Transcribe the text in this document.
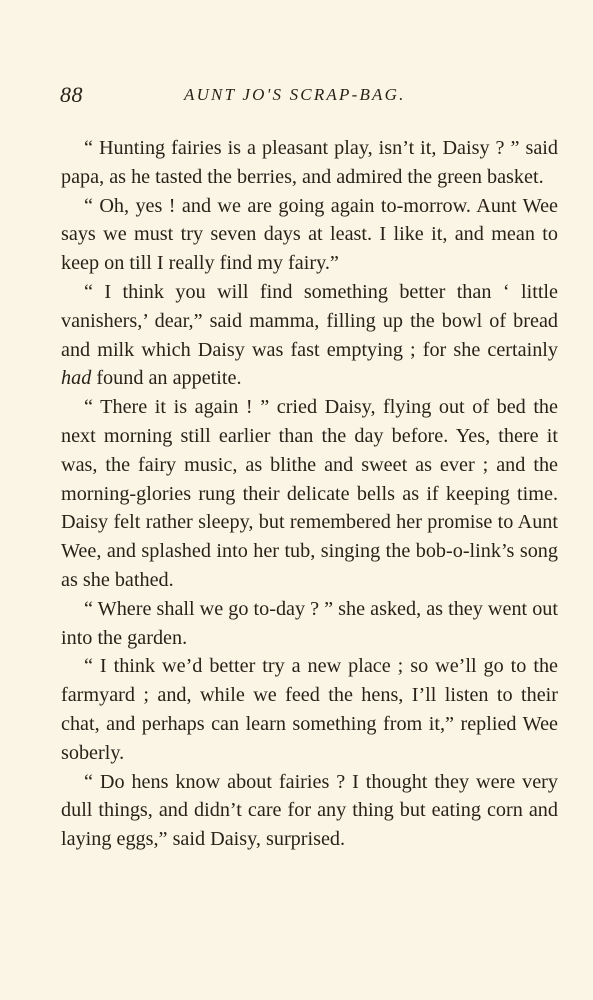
88	AUNT JO'S SCRAP-BAG.

“ Hunting fairies is a pleasant play, isn’t it, Daisy ? ” said papa, as he tasted the berries, and admired the green basket.

“ Oh, yes ! and we are going again to-morrow. Aunt Wee says we must try seven days at least. I like it, and mean to keep on till I really find my fairy.”

“ I think you will find something better than ‘ little vanishers,’ dear,” said mamma, filling up the bowl of bread and milk which Daisy was fast emptying ; for she certainly had found an appetite.

“ There it is again ! ” cried Daisy, flying out of bed the next morning still earlier than the day before. Yes, there it was, the fairy music, as blithe and sweet as ever ; and the morning-glories rung their delicate bells as if keeping time. Daisy felt rather sleepy, but remembered her promise to Aunt Wee, and splashed into her tub, singing the bob-o-link’s song as she bathed.

“ Where shall we go to-day ? ” she asked, as they went out into the garden.

“ I think we’d better try a new place ; so we’ll go to the farmyard ; and, while we feed the hens, I’ll listen to their chat, and perhaps can learn something from it,” replied Wee soberly.

“ Do hens know about fairies ? I thought they were very dull things, and didn’t care for any thing but eating corn and laying eggs,” said Daisy, surprised.
